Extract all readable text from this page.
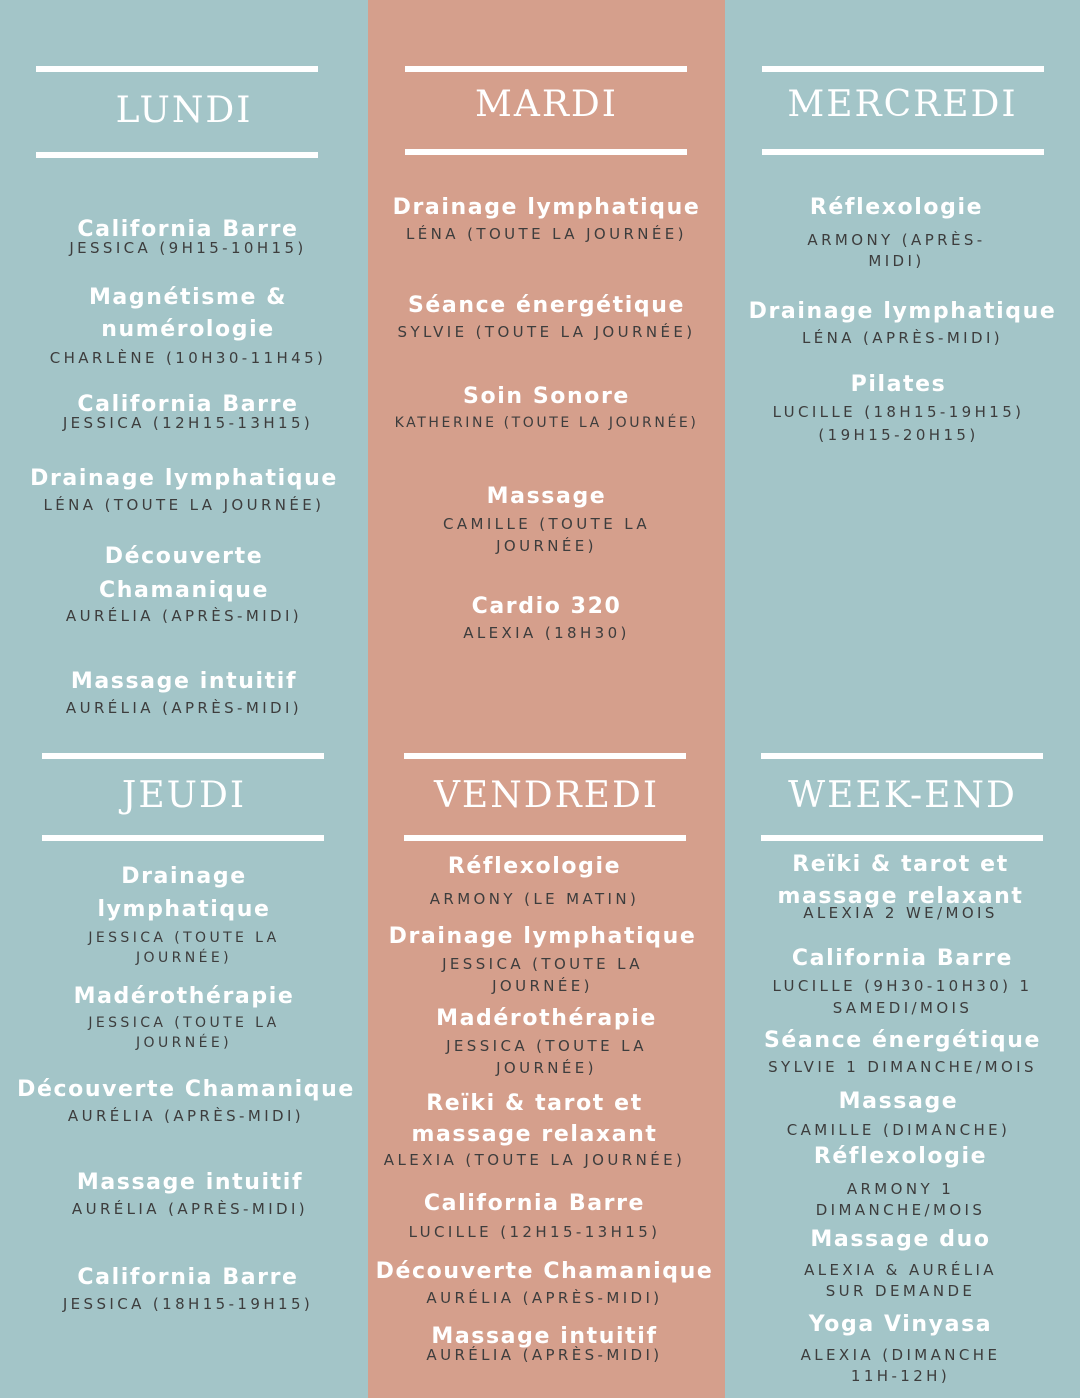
LUNDI
California Barre
JESSICA (9H15-10H15)
Magnétisme & numérologie
CHARLÈNE (10H30-11H45)
California Barre
JESSICA (12H15-13H15)
Drainage lymphatique
LÉNA (TOUTE LA JOURNÉE)
Découverte Chamanique
AURÉLIA (APRÈS-MIDI)
Massage intuitif
AURÉLIA (APRÈS-MIDI)
MARDI
Drainage lymphatique
LÉNA (TOUTE LA JOURNÉE)
Séance énergétique
SYLVIE (TOUTE LA JOURNÉE)
Soin Sonore
KATHERINE (TOUTE LA JOURNÉE)
Massage
CAMILLE (TOUTE LA JOURNÉE)
Cardio 320
ALEXIA (18H30)
MERCREDI
Réflexologie
ARMONY (APRÈS-MIDI)
Drainage lymphatique
LÉNA (APRÈS-MIDI)
Pilates
LUCILLE (18H15-19H15) (19H15-20H15)
JEUDI
Drainage lymphatique
JESSICA (TOUTE LA JOURNÉE)
Madérothérapie
JESSICA (TOUTE LA JOURNÉE)
Découverte Chamanique
AURÉLIA (APRÈS-MIDI)
Massage intuitif
AURÉLIA (APRÈS-MIDI)
California Barre
JESSICA (18H15-19H15)
VENDREDI
Réflexologie
ARMONY (LE MATIN)
Drainage lymphatique
JESSICA (TOUTE LA JOURNÉE)
Madérothérapie
JESSICA (TOUTE LA JOURNÉE)
Reïki & tarot et massage relaxant
ALEXIA (TOUTE LA JOURNÉE)
California Barre
LUCILLE (12H15-13H15)
Découverte Chamanique
AURÉLIA (APRÈS-MIDI)
Massage intuitif
AURÉLIA (APRÈS-MIDI)
WEEK-END
Reïki & tarot et massage relaxant
ALEXIA 2 WE/MOIS
California Barre
LUCILLE (9H30-10H30) 1 SAMEDI/MOIS
Séance énergétique
SYLVIE 1 DIMANCHE/MOIS
Massage
CAMILLE (DIMANCHE)
Réflexologie
ARMONY 1 DIMANCHE/MOIS
Massage duo
ALEXIA & AURÉLIA SUR DEMANDE
Yoga Vinyasa
ALEXIA (DIMANCHE 11H-12H)
